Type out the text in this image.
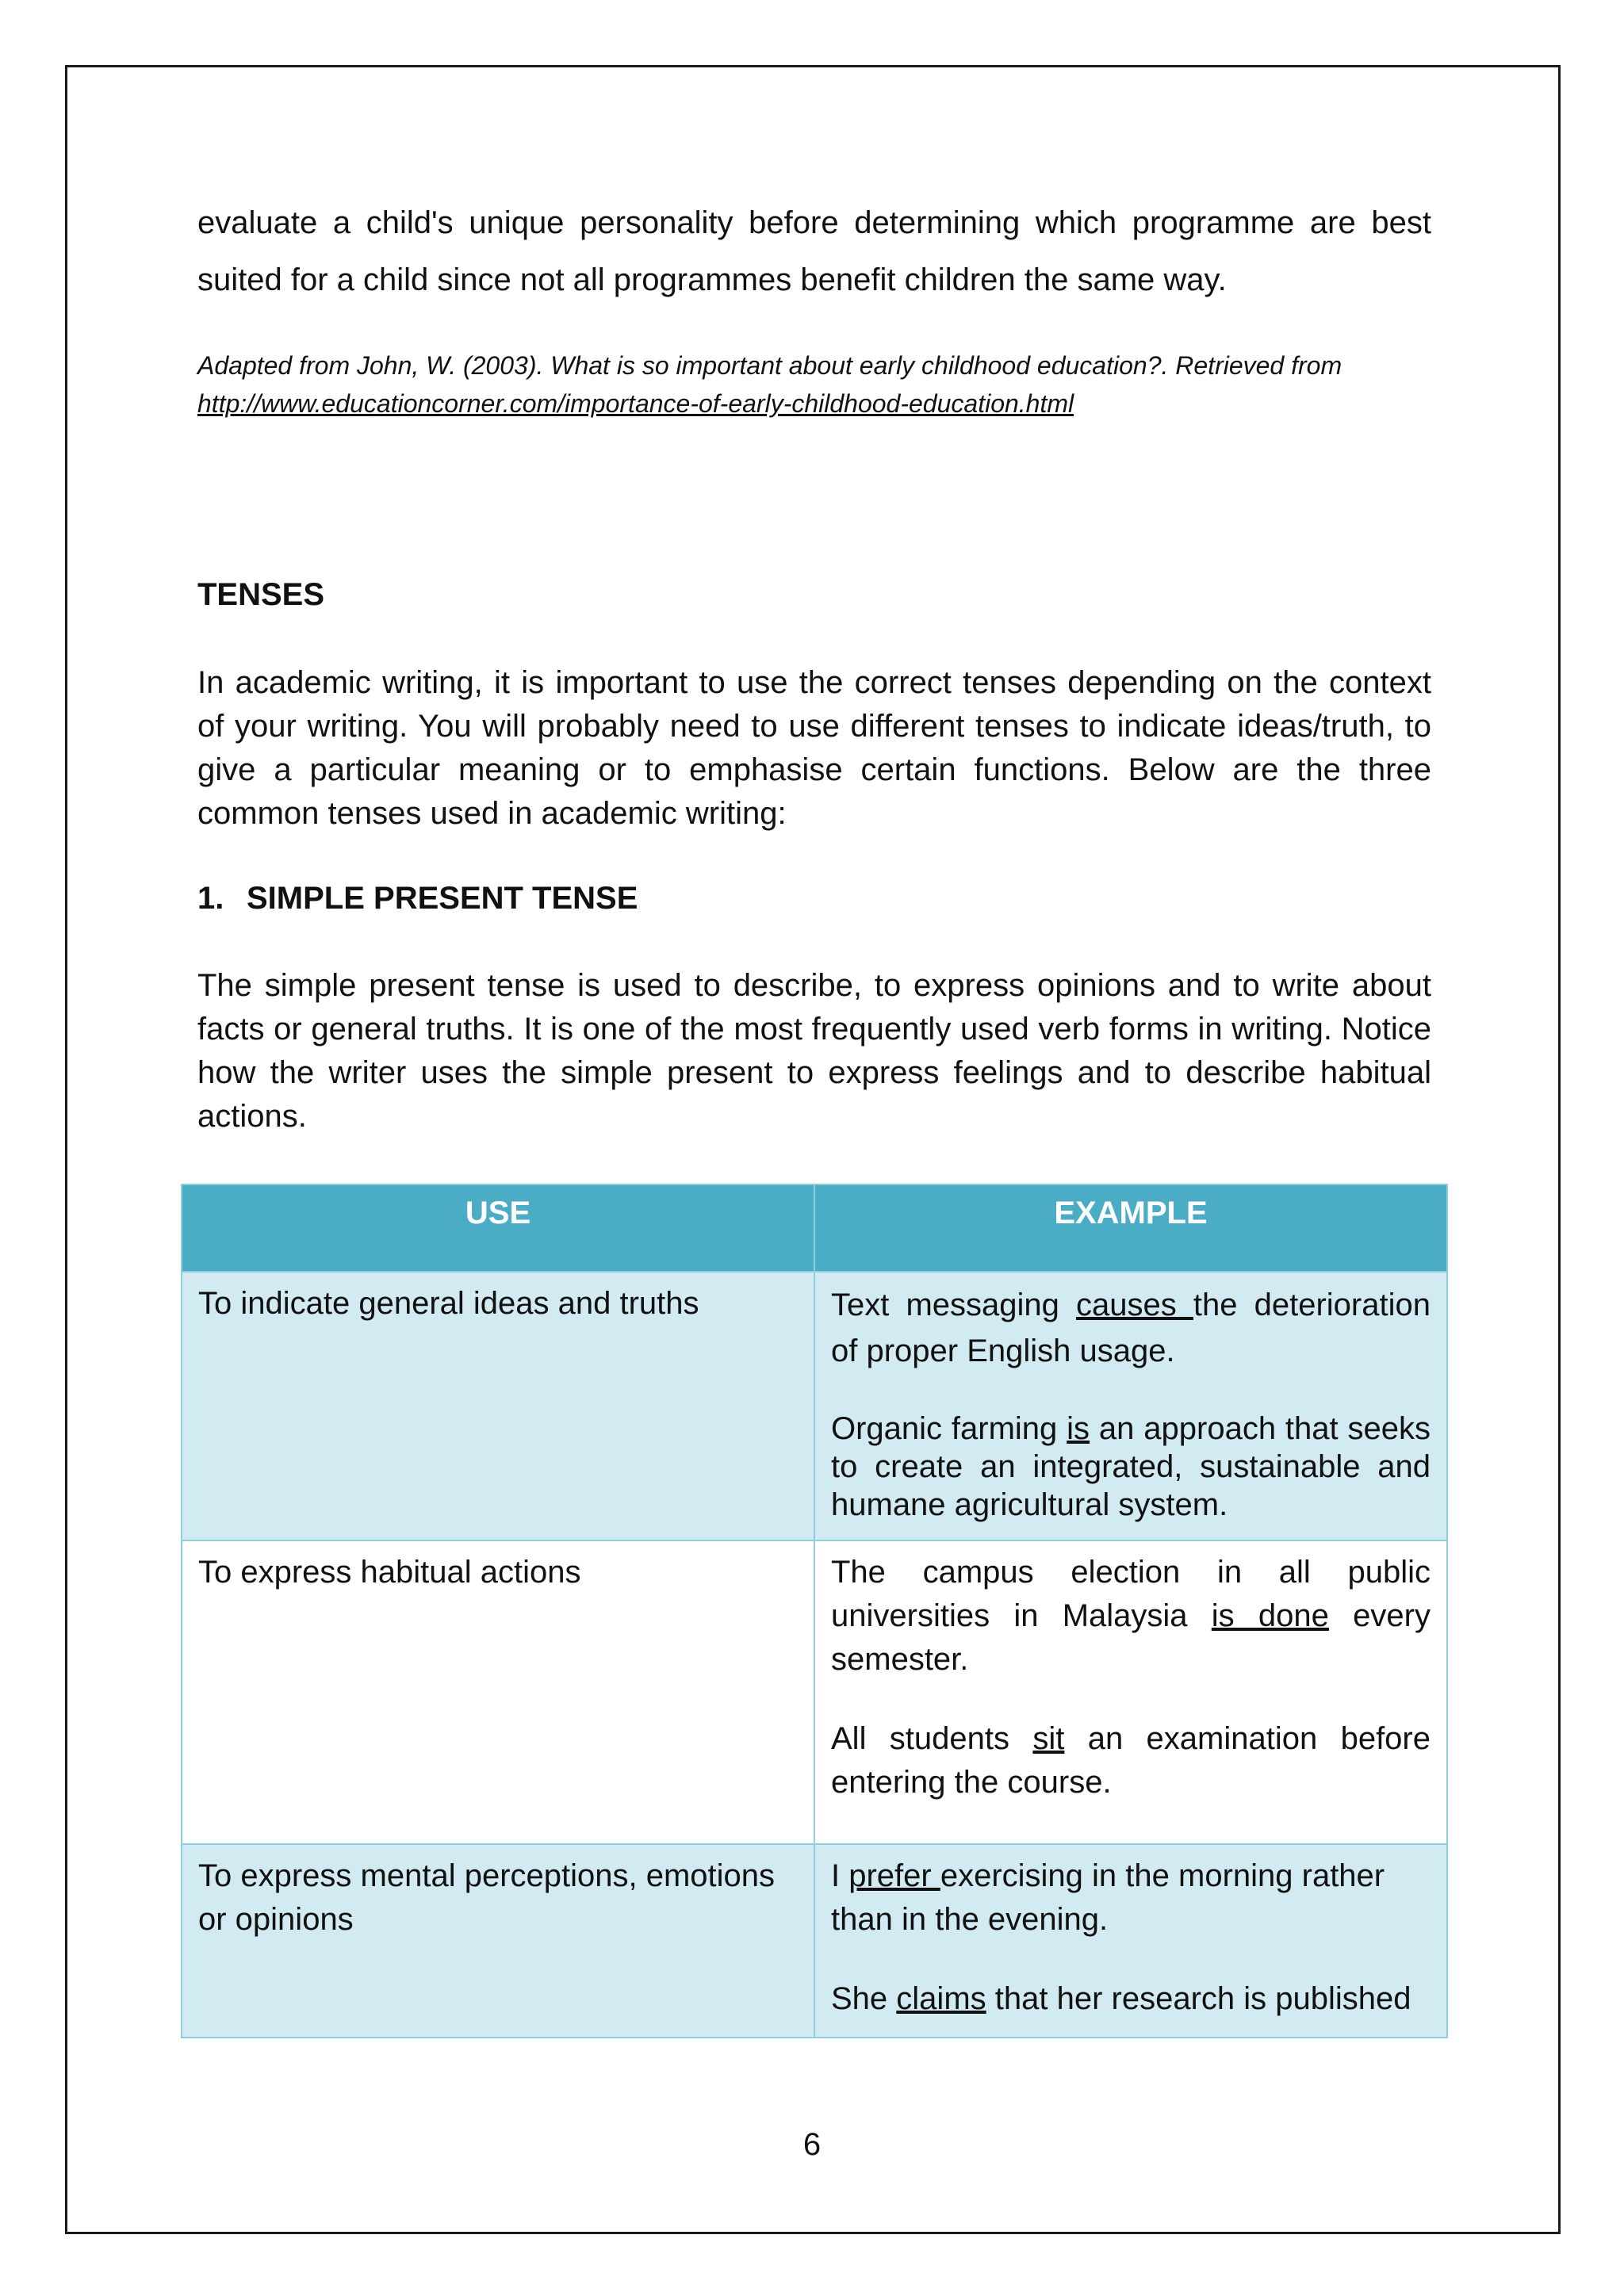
evaluate a child's unique personality before determining which programme are best suited for a child since not all programmes benefit children the same way.

Adapted from John, W. (2003). What is so important about early childhood education?. Retrieved from http://www.educationcorner.com/importance-of-early-childhood-education.html

TENSES

In academic writing, it is important to use the correct tenses depending on the context of your writing. You will probably need to use different tenses to indicate ideas/truth, to give a particular meaning or to emphasise certain functions. Below are the three common tenses used in academic writing:

1. SIMPLE PRESENT TENSE

The simple present tense is used to describe, to express opinions and to write about facts or general truths. It is one of the most frequently used verb forms in writing. Notice how the writer uses the simple present to express feelings and to describe habitual actions.

USE	EXAMPLE
To indicate general ideas and truths	Text messaging causes the deterioration of proper English usage.

Organic farming is an approach that seeks to create an integrated, sustainable and humane agricultural system.

To express habitual actions	The campus election in all public universities in Malaysia is done every semester.

All students sit an examination before entering the course.

To express mental perceptions, emotions or opinions	I prefer exercising in the morning rather than in the evening.

She claims that her research is published

6
